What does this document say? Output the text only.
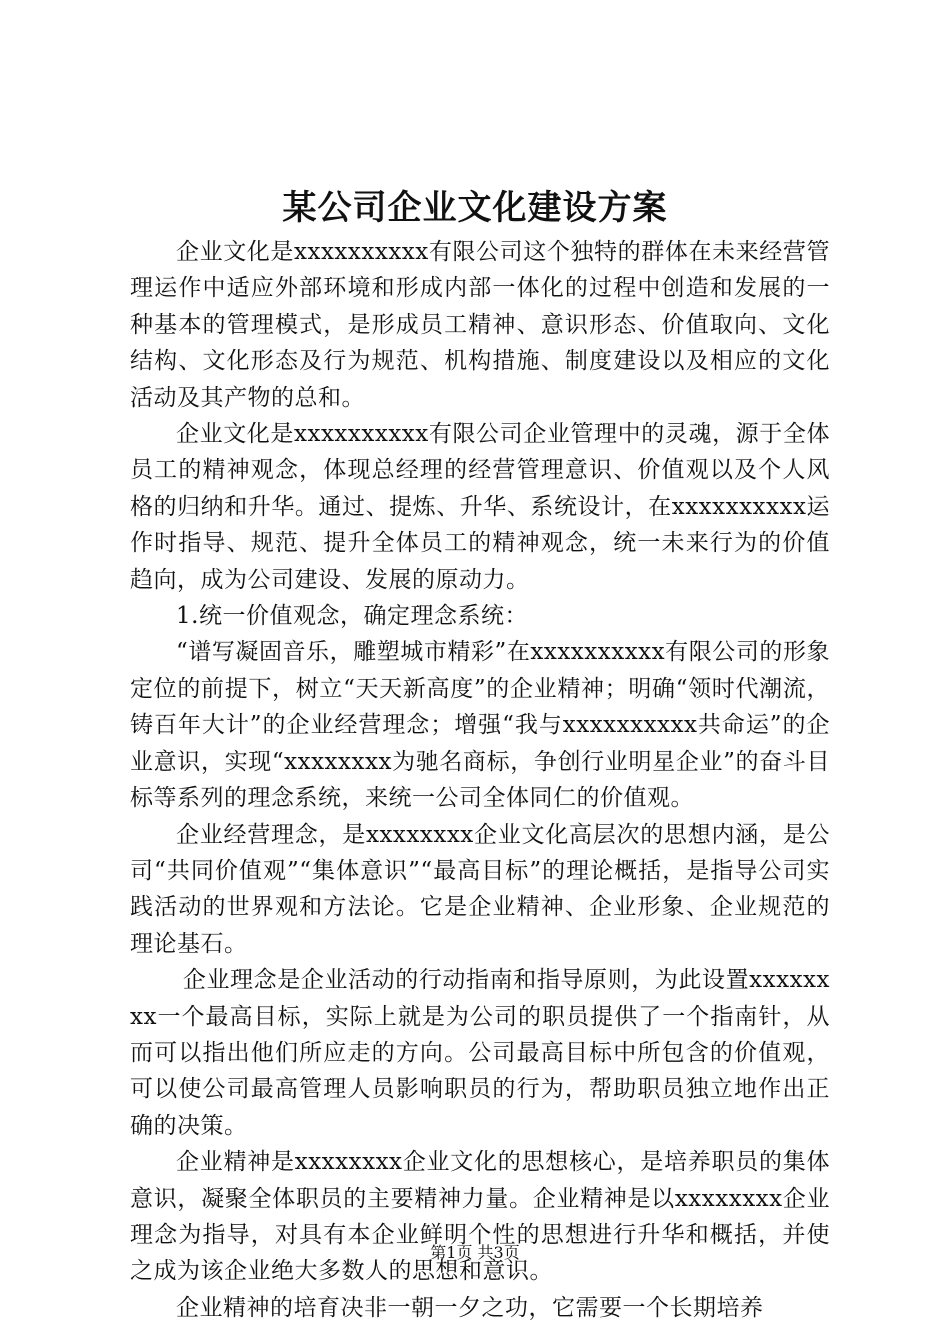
某公司企业文化建设方案

企业文化是xxxxxxxxxx有限公司这个独特的群体在未来经营管理运作中适应外部环境和形成内部一体化的过程中创造和发展的一种基本的管理模式，是形成员工精神、意识形态、价值取向、文化结构、文化形态及行为规范、机构措施、制度建设以及相应的文化活动及其产物的总和。

企业文化是xxxxxxxxxx有限公司企业管理中的灵魂，源于全体员工的精神观念，体现总经理的经营管理意识、价值观以及个人风格的归纳和升华。通过、提炼、升华、系统设计，在xxxxxxxxxx运作时指导、规范、提升全体员工的精神观念，统一未来行为的价值趋向，成为公司建设、发展的原动力。

1.统一价值观念，确定理念系统：

“谱写凝固音乐，雕塑城市精彩”在xxxxxxxxxx有限公司的形象定位的前提下，树立“天天新高度”的企业精神；明确“领时代潮流，铸百年大计”的企业经营理念；增强“我与xxxxxxxxxx共命运”的企业意识，实现“xxxxxxxx为驰名商标，争创行业明星企业”的奋斗目标等系列的理念系统，来统一公司全体同仁的价值观。

企业经营理念，是xxxxxxxx企业文化高层次的思想内涵，是公司“共同价值观”“集体意识”“最高目标”的理论概括，是指导公司实践活动的世界观和方法论。它是企业精神、企业形象、企业规范的理论基石。

企业理念是企业活动的行动指南和指导原则，为此设置xxxxxxxx一个最高目标，实际上就是为公司的职员提供了一个指南针，从而可以指出他们所应走的方向。公司最高目标中所包含的价值观，可以使公司最高管理人员影响职员的行为，帮助职员独立地作出正确的决策。

企业精神是xxxxxxxx企业文化的思想核心，是培养职员的集体意识，凝聚全体职员的主要精神力量。企业精神是以xxxxxxxx企业理念为指导，对具有本企业鲜明个性的思想进行升华和概括，并使之成为该企业绝大多数人的思想和意识。

企业精神的培育决非一朝一夕之功，它需要一个长期培养

第1页 共3页
